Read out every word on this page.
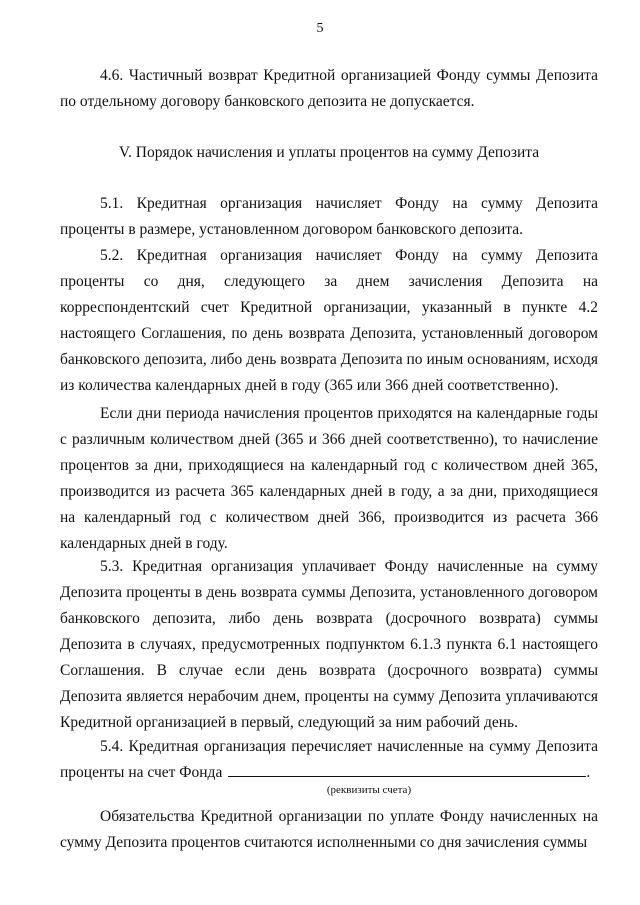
5

4.6. Частичный возврат Кредитной организацией Фонду суммы Депозита по отдельному договору банковского депозита не допускается.

V. Порядок начисления и уплаты процентов на сумму Депозита

5.1. Кредитная организация начисляет Фонду на сумму Депозита проценты в размере, установленном договором банковского депозита.

5.2. Кредитная организация начисляет Фонду на сумму Депозита проценты со дня, следующего за днем зачисления Депозита на корреспондентский счет Кредитной организации, указанный в пункте 4.2 настоящего Соглашения, по день возврата Депозита, установленный договором банковского депозита, либо день возврата Депозита по иным основаниям, исходя из количества календарных дней в году (365 или 366 дней соответственно).

Если дни периода начисления процентов приходятся на календарные годы с различным количеством дней (365 и 366 дней соответственно), то начисление процентов за дни, приходящиеся на календарный год с количеством дней 365, производится из расчета 365 календарных дней в году, а за дни, приходящиеся на календарный год с количеством дней 366, производится из расчета 366 календарных дней в году.

5.3. Кредитная организация уплачивает Фонду начисленные на сумму Депозита проценты в день возврата суммы Депозита, установленного договором банковского депозита, либо день возврата (досрочного возврата) суммы Депозита в случаях, предусмотренных подпунктом 6.1.3 пункта 6.1 настоящего Соглашения. В случае если день возврата (досрочного возврата) суммы Депозита является нерабочим днем, проценты на сумму Депозита уплачиваются Кредитной организацией в первый, следующий за ним рабочий день.

5.4. Кредитная организация перечисляет начисленные на сумму Депозита проценты на счет Фонда	.

(реквизиты счета)

Обязательства Кредитной организации по уплате Фонду начисленных на сумму Депозита процентов считаются исполненными со дня зачисления суммы
